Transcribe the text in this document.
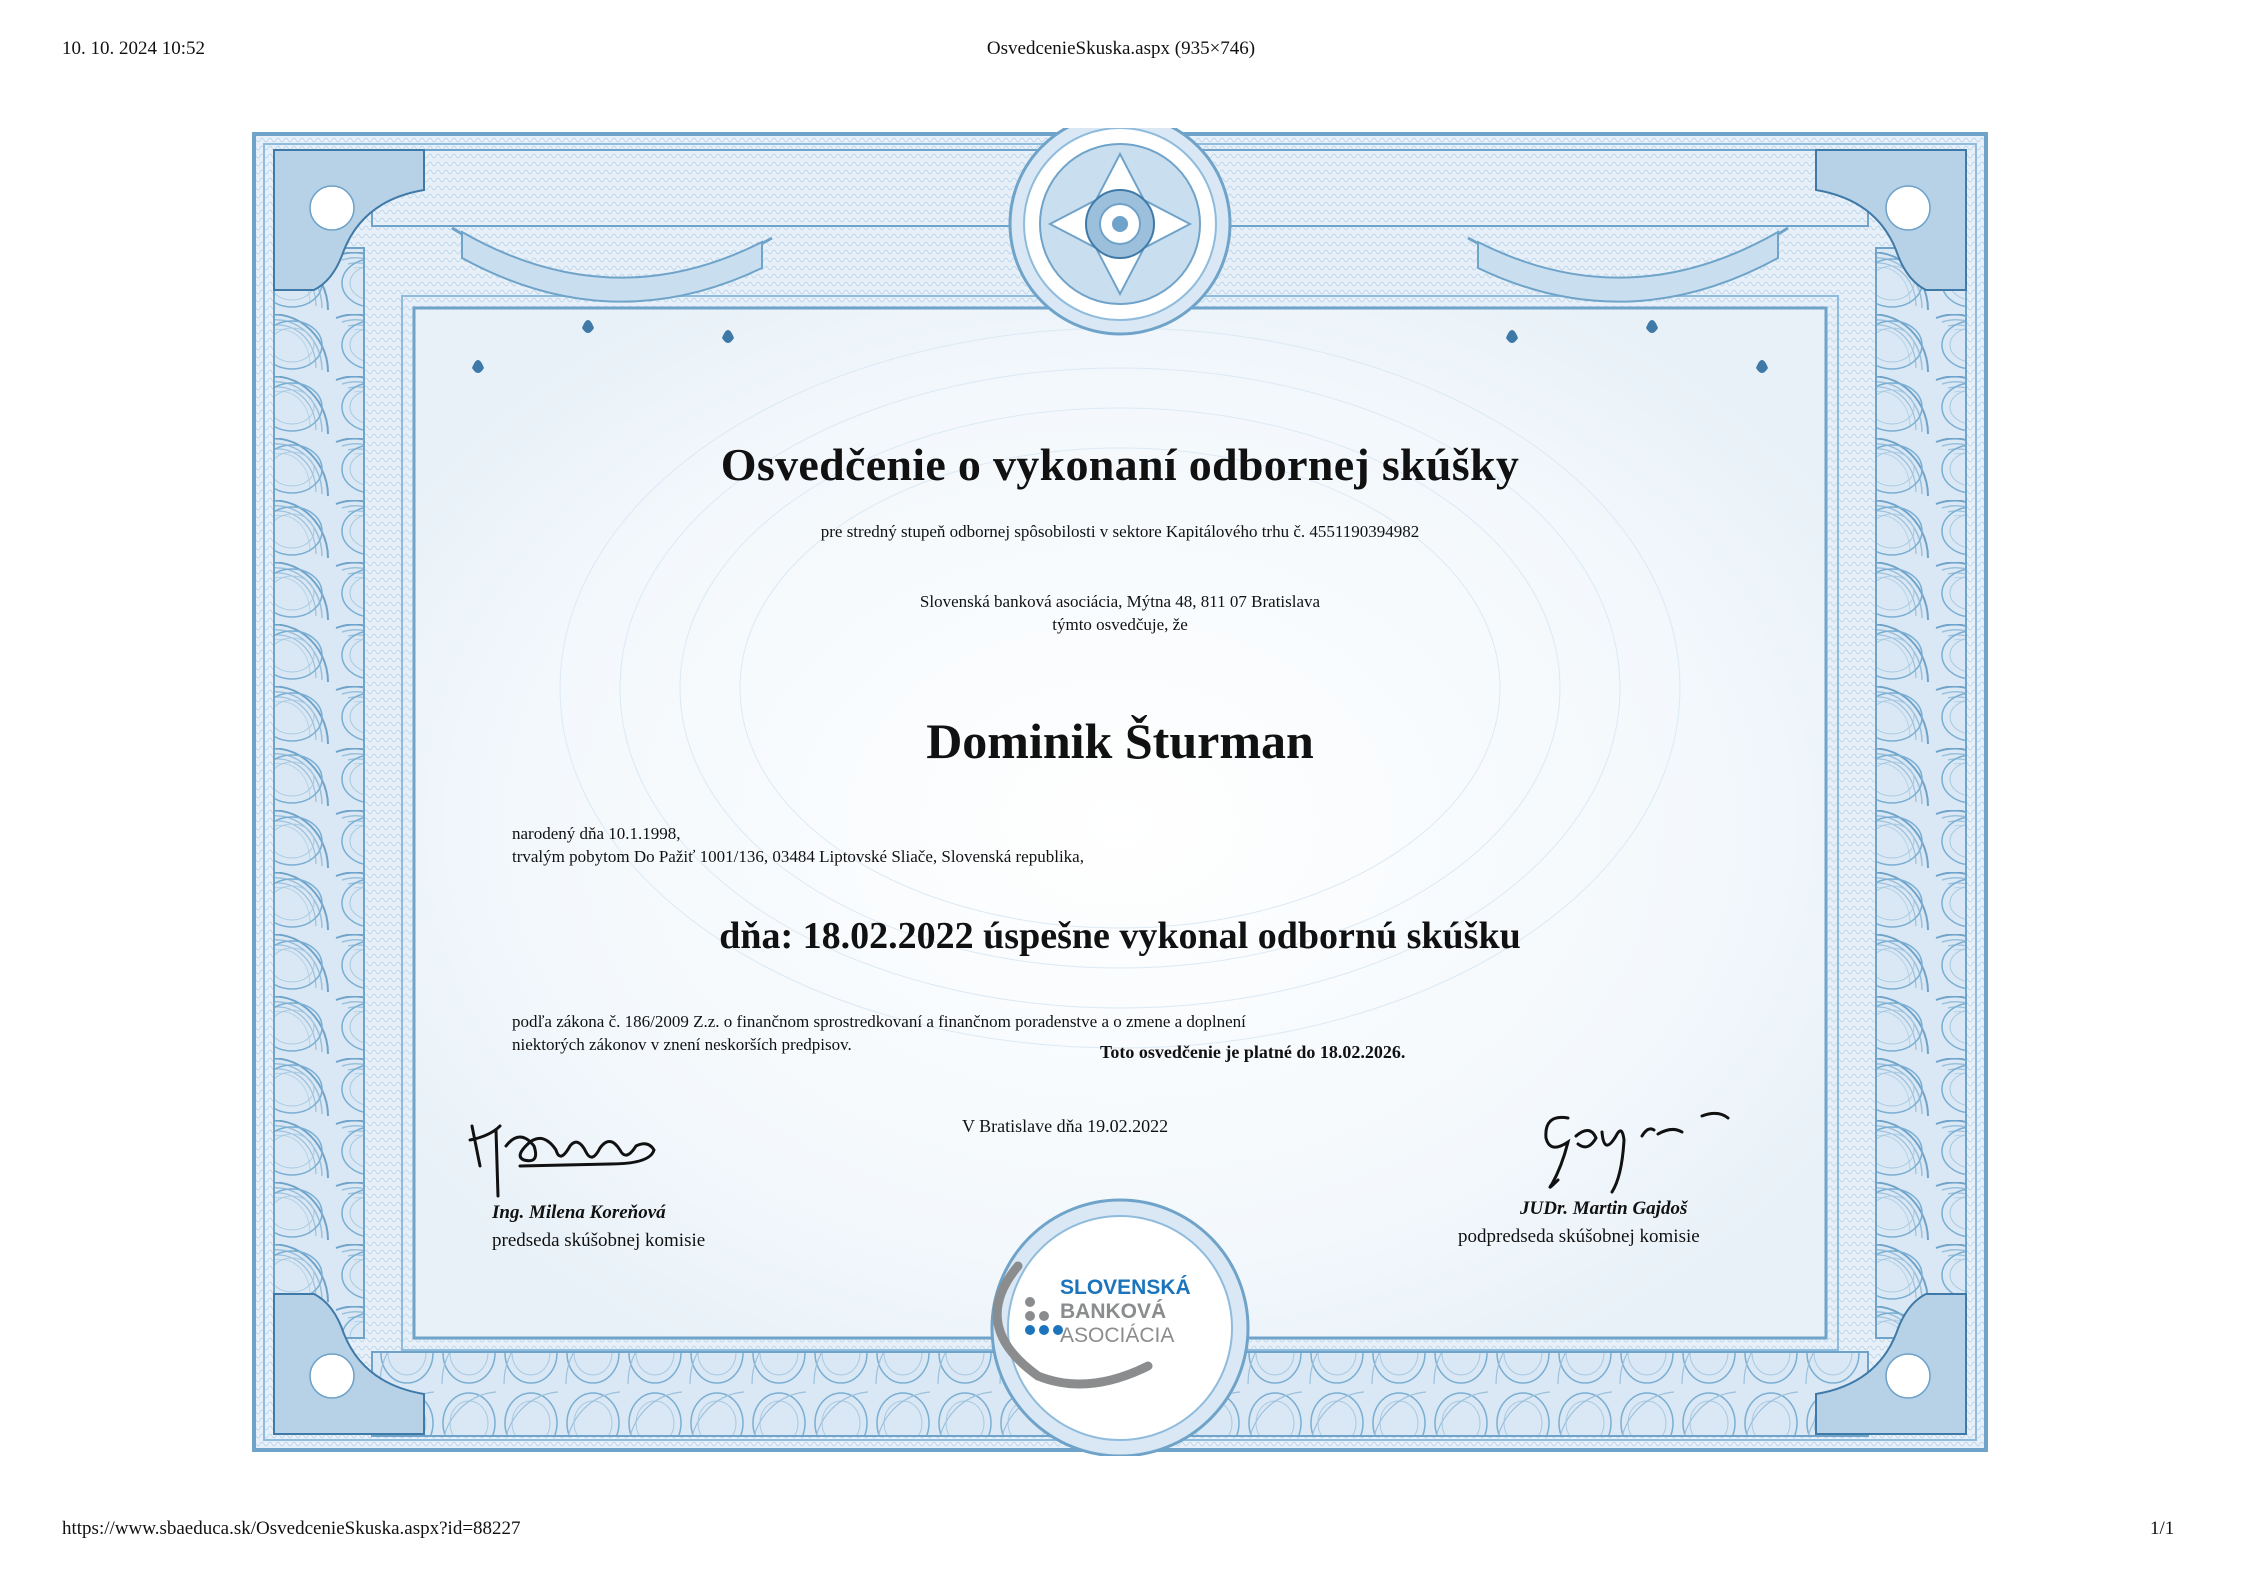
10. 10. 2024 10:52	OsvedcenieSkuska.aspx (935×746)
Osvedčenie o vykonaní odbornej skúšky
pre stredný stupeň odbornej spôsobilosti v sektore Kapitálového trhu č. 4551190394982
Slovenská banková asociácia, Mýtna 48, 811 07 Bratislava
týmto osvedčuje, že
Dominik Šturman
narodený dňa 10.1.1998,
trvalým pobytom Do Pažiť 1001/136, 03484 Liptovské Sliače, Slovenská republika,
dňa: 18.02.2022 úspešne vykonal odbornú skúšku
podľa zákona č. 186/2009 Z.z. o finančnom sprostredkovaní a finančnom poradenstve a o zmene a doplnení
niektorých zákonov v znení neskorších predpisov.	Toto osvedčenie je platné do 18.02.2026.
V Bratislave dňa 19.02.2022
Ing. Milena Koreňová
predseda skúšobnej komisie
JUDr. Martin Gajdoš
podpredseda skúšobnej komisie
SLOVENSKÁ
BANKOVÁ
ASOCIÁCIA
https://www.sbaeduca.sk/OsvedcenieSkuska.aspx?id=88227	1/1
